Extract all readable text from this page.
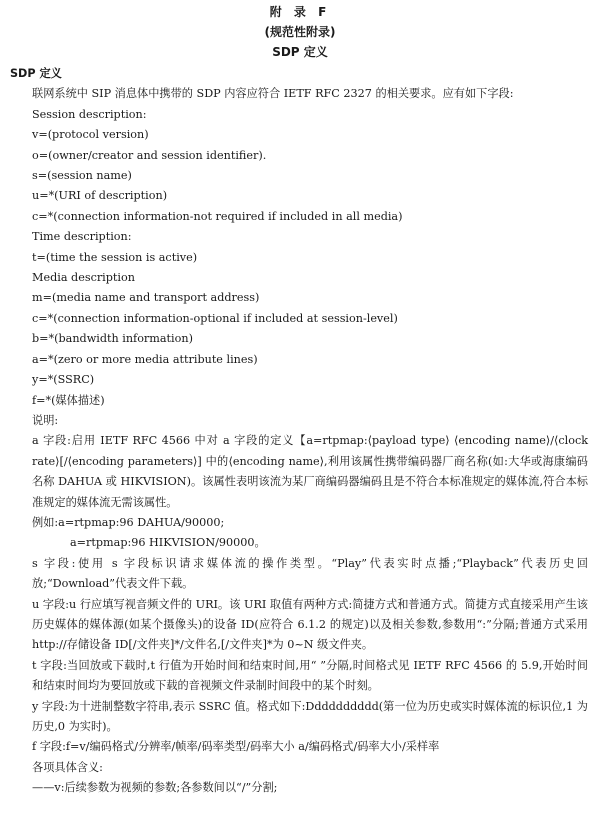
附 录 F
(规范性附录)
SDP 定义

SDP 定义

联网系统中 SIP 消息体中携带的 SDP 内容应符合 IETF RFC 2327 的相关要求。应有如下字段:

Session description:

v=(protocol version)

o=(owner/creator and session identifier).

s=(session name)

u=*(URI of description)

c=*(connection information-not required if included in all media)

Time description:

t=(time the session is active)

Media description

m=(media name and transport address)

c=*(connection information-optional if included at session-level)

b=*(bandwidth information)

a=*(zero or more media attribute lines)

y=*(SSRC)

f=*(媒体描述)

说明:

a 字段:启用 IETF RFC 4566 中对 a 字段的定义【a=rtpmap:⟨payload type⟩ ⟨encoding name⟩/⟨clock rate⟩[/⟨encoding parameters⟩] 中的⟨encoding name⟩,利用该属性携带编码器厂商名称(如:大华或海康编码名称 DAHUA 或 HIKVISION)。该属性表明该流为某厂商编码器编码且是不符合本标准规定的媒体流,符合本标准规定的媒体流无需该属性。

例如:a=rtpmap:96 DAHUA/90000;

a=rtpmap:96 HIKVISION/90000。

s 字段:使用 s 字段标识请求媒体流的操作类型。“Play”代表实时点播;“Playback”代表历史回放;“Download”代表文件下载。

u 字段:u 行应填写视音频文件的 URI。该 URI 取值有两种方式:简捷方式和普通方式。简捷方式直接采用产生该历史媒体的媒体源(如某个摄像头)的设备 ID(应符合 6.1.2 的规定)以及相关参数,参数用“:”分隔;普通方式采用 http://存储设备 ID[/文件夹]*/文件名,[/文件夹]*为 0~N 级文件夹。

t 字段:当回放或下载时,t 行值为开始时间和结束时间,用“ ”分隔,时间格式见 IETF RFC 4566 的 5.9,开始时间和结束时间均为要回放或下载的音视频文件录制时间段中的某个时刻。

y 字段:为十进制整数字符串,表示 SSRC 值。格式如下:Dddddddddd(第一位为历史或实时媒体流的标识位,1 为历史,0 为实时)。

f 字段:f=v/编码格式/分辨率/帧率/码率类型/码率大小 a/编码格式/码率大小/采样率

各项具体含义:

——v:后续参数为视频的参数;各参数间以“/”分割;
